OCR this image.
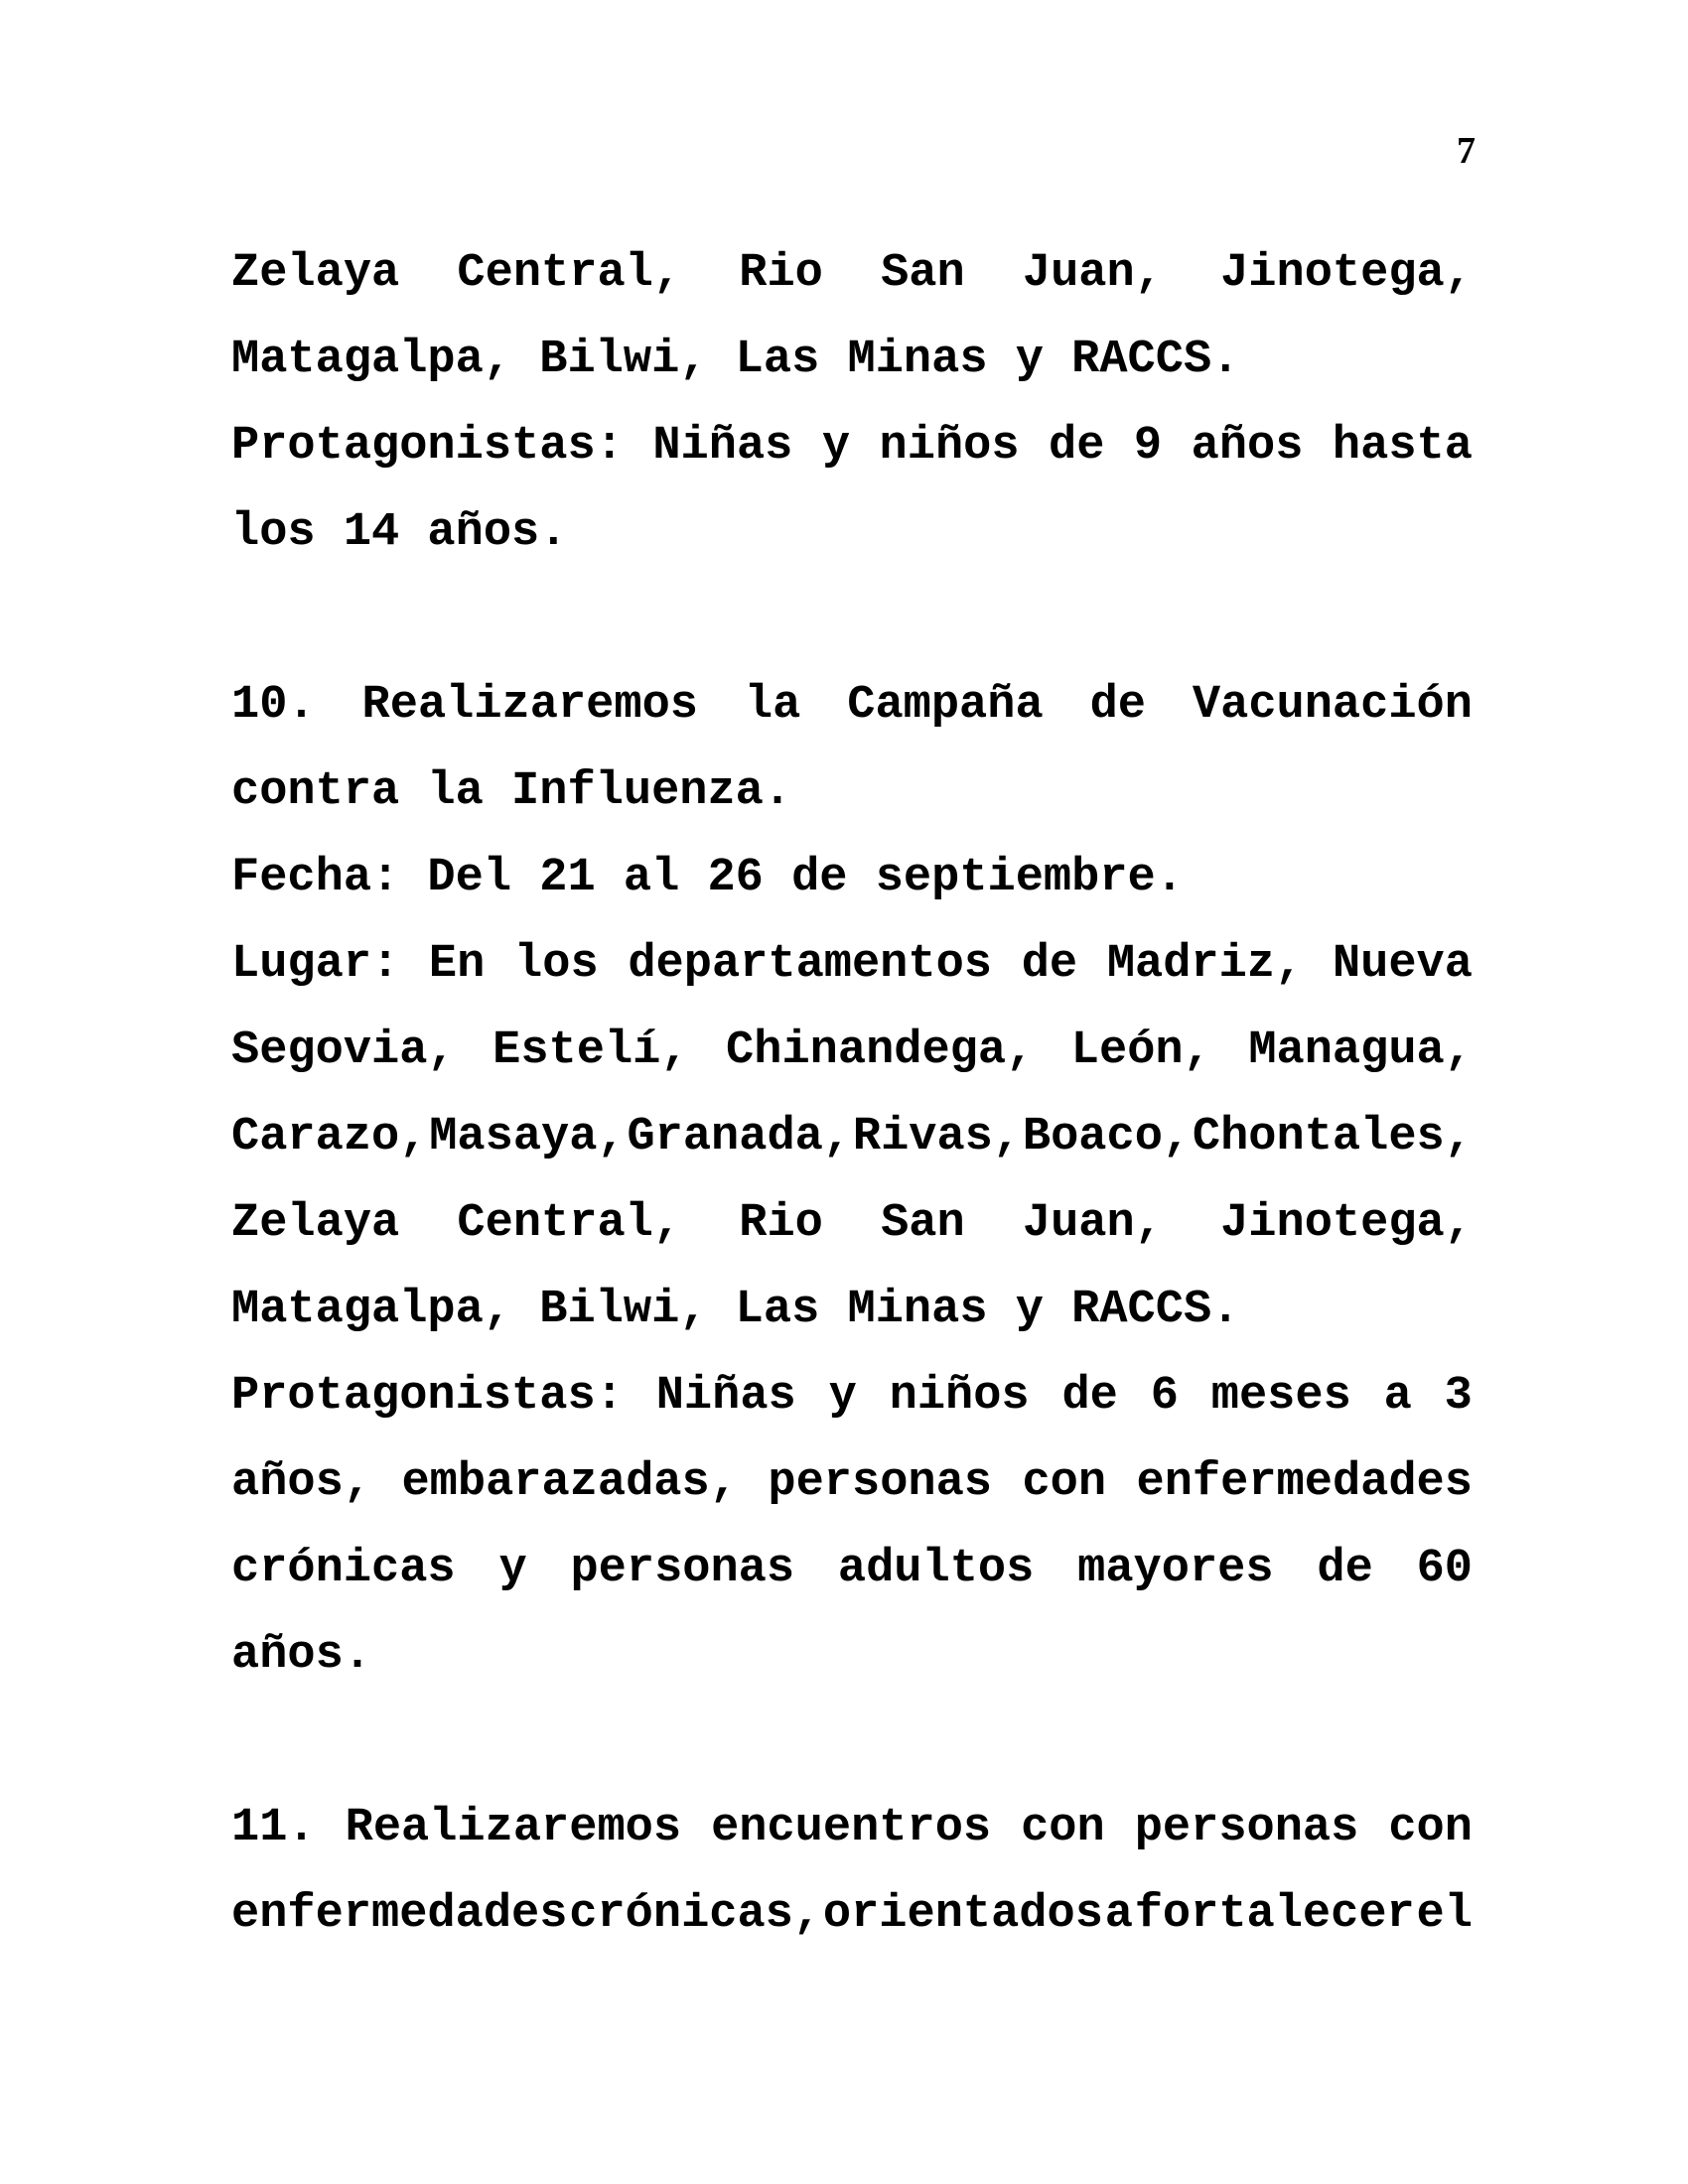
7
Zelaya Central, Rio San Juan, Jinotega,
Matagalpa, Bilwi, Las Minas y RACCS.
Protagonistas: Niñas y niños de 9 años hasta
los 14 años.
10. Realizaremos la Campaña de Vacunación
contra la Influenza.
Fecha: Del 21 al 26 de septiembre.
Lugar: En los departamentos de Madriz, Nueva
Segovia, Estelí, Chinandega, León, Managua,
Carazo, Masaya, Granada, Rivas, Boaco, Chontales,
Zelaya Central, Rio San Juan, Jinotega,
Matagalpa, Bilwi, Las Minas y RACCS.
Protagonistas: Niñas y niños de 6 meses a 3
años, embarazadas, personas con enfermedades
crónicas y personas adultos mayores de 60
años.
11. Realizaremos encuentros con personas con
enfermedades crónicas, orientados a fortalecer el
